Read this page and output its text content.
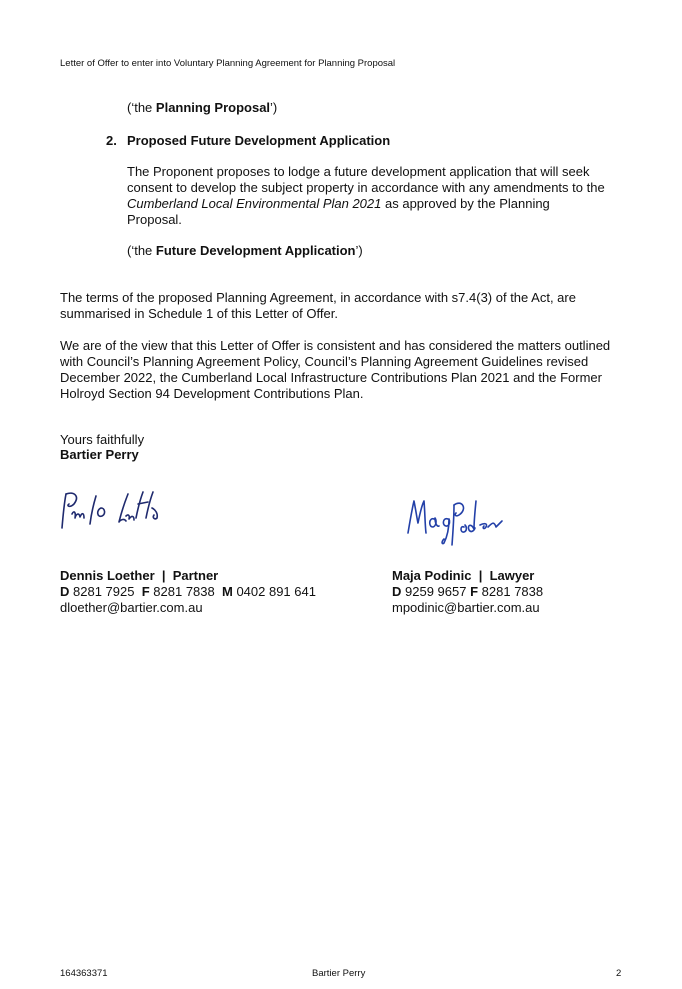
Letter of Offer to enter into Voluntary Planning Agreement for Planning Proposal
(‘the Planning Proposal’)
2. Proposed Future Development Application
The Proponent proposes to lodge a future development application that will seek consent to develop the subject property in accordance with any amendments to the Cumberland Local Environmental Plan 2021 as approved by the Planning Proposal.
(‘the Future Development Application’)
The terms of the proposed Planning Agreement, in accordance with s7.4(3) of the Act, are summarised in Schedule 1 of this Letter of Offer.
We are of the view that this Letter of Offer is consistent and has considered the matters outlined with Council’s Planning Agreement Policy, Council’s Planning Agreement Guidelines revised December 2022, the Cumberland Local Infrastructure Contributions Plan 2021 and the Former Holroyd Section 94 Development Contributions Plan.
Yours faithfully
Bartier Perry
Dennis Loether  |  Partner
D 8281 7925 F 8281 7838 M 0402 891 641
dloether@bartier.com.au
Maja Podinic  |  Lawyer
D 9259 9657 F 8281 7838
mpodinic@bartier.com.au
164363371	Bartier Perry	2
